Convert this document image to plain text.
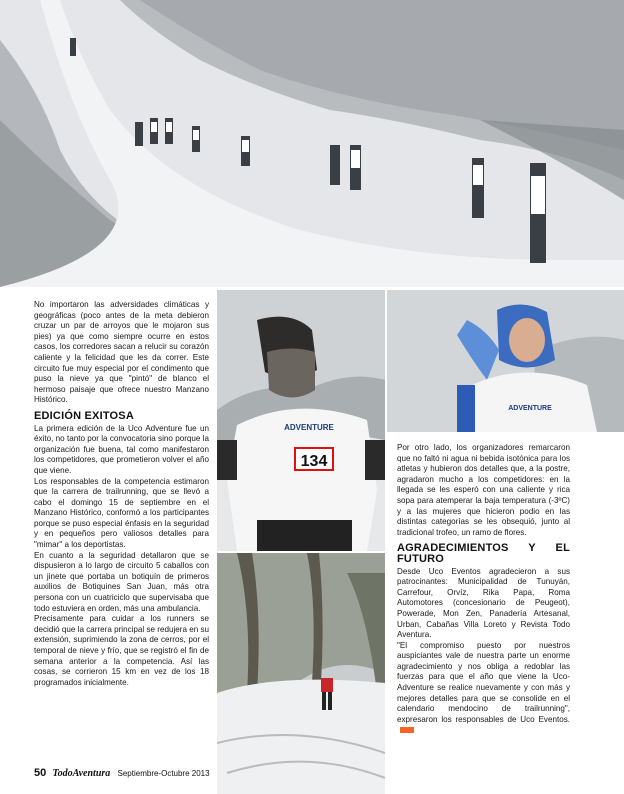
134
ADVENTURE
ADVENTURE

No importaron las adversidades climáticas y geográficas (poco antes de la meta debieron cruzar un par de arroyos que le mojaron sus pies) ya que como siempre ocurre en estos casos, los corredores sacan a relucir su corazón caliente y la felicidad que les da correr. Este circuito fue muy especial por el condimento que puso la nieve ya que "pintó" de blanco el hermoso paisaje que ofrece nuestro Manzano Histórico.

EDICIÓN EXITOSA

La primera edición de la Uco Adventure fue un éxito, no tanto por la convocatoria sino porque la organización fue buena, tal como manifestaron los competidores, que prometieron volver el año que viene.

Los responsables de la competencia estimaron que la carrera de trailrunning, que se llevó a cabo el domingo 15 de septiembre en el Manzano Histórico, conformó a los participantes porque se puso especial énfasis en la seguridad y en pequeños pero valiosos detalles para "mimar" a los deportistas.

En cuanto a la seguridad detallaron que se dispusieron a lo largo de circuito 5 caballos con un jinete que portaba un botiquín de primeros auxilios de Botiquines San Juan, más otra persona con un cuatriciclo que supervisaba que todo estuviera en orden, más una ambulancia.

Precisamente para cuidar a los runners se decidió que la carrera principal se redujera en su extensión, suprimiendo la zona de cerros, por el temporal de nieve y frío, que se registró el fin de semana anterior a la competencia. Así las cosas, se corrieron 15 km en vez de los 18 programados inicialmente.

Por otro lado, los organizadores remarcaron que no faltó ni agua ni bebida isotónica para los atletas y hubieron dos detalles que, a la postre, agradaron mucho a los competidores: en la llegada se les esperó con una caliente y rica sopa para atemperar la baja temperatura (-3ºC) y a las mujeres que hicieron podio en las distintas categorías se les obsequió, junto al tradicional trofeo, un ramo de flores.

AGRADECIMIENTOS Y EL FUTURO

Desde Uco Eventos agradecieron a sus patrocinantes: Municipalidad de Tunuyán, Carrefour, Orvíz, Rika Papa, Roma Automotores (concesionario de Peugeot), Powerade, Mon Zen, Panadería Artesanal, Urban, Cabañas Villa Loreto y Revista Todo Aventura.

"El compromiso puesto por nuestros auspiciantes vale de nuestra parte un enorme agradecimiento y nos obliga a redoblar las fuerzas para que el año que viene la Uco-Adventure se realice nuevamente y con más y mejores detalles para que se consolide en el calendario mendocino de trailrunning", expresaron los responsables de Uco Eventos.

50 TodoAventura Septiembre-Octubre 2013
